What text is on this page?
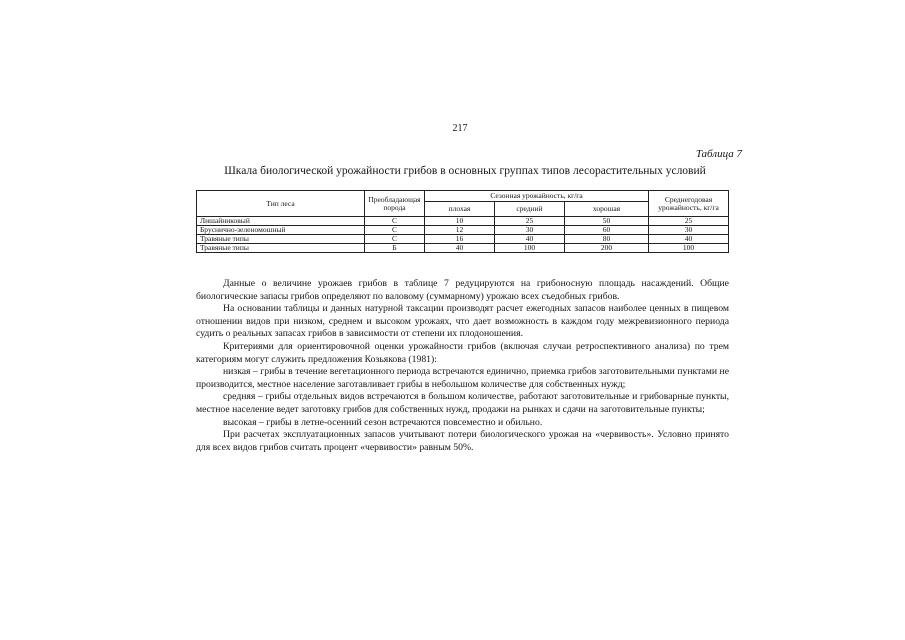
217
Таблица 7
Шкала биологической урожайности грибов в основных группах типов лесорастительных условий
Тип леса	Преобладающая порода	Сезонная урожайность, кг/га			Среднегодовая урожайность, кг/га
		плохая	средний	хорошая	
Лишайниковый	С	10	25	50	25
Брусничнo-зеленомошный	С	12	30	60	30
Травяные типы	С	16	40	80	40
Травяные типы	Б	40	100	200	100

Данные о величине урожаев грибов в таблице 7 редуцируются на грибоносную площадь насаждений. Общие биологические запасы грибов определяют по валовому (суммарному) урожаю всех съедобных грибов.

На основании таблицы и данных натурной таксации производят расчет ежегодных запасов наиболее ценных в пищевом отношении видов при низком, среднем и высоком урожаях, что дает возможность в каждом году межревизионного периода судить о реальных запасах грибов в зависимости от степени их плодоношения.

Критериями для ориентировочной оценки урожайности грибов (включая случаи ретроспективного анализа) по трем категориям могут служить предложения Козьякова (1981):

низкая – грибы в течение вегетационного периода встречаются единично, приемка грибов заготовительными пунктами не производится, местное население заготавливает грибы в небольшом количестве для собственных нужд;

средняя – грибы отдельных видов встречаются в большом количестве, работают заготовительные и грибоварные пункты, местное население ведет заготовку грибов для собственных нужд, продажи на рынках и сдачи на заготовительные пункты;

высокая – грибы в летне-осенний сезон встречаются повсеместно и обильно.

При расчетах эксплуатационных запасов учитывают потери биологического урожая на «червивость». Условно принято для всех видов грибов считать процент «червивости» равным 50%.
